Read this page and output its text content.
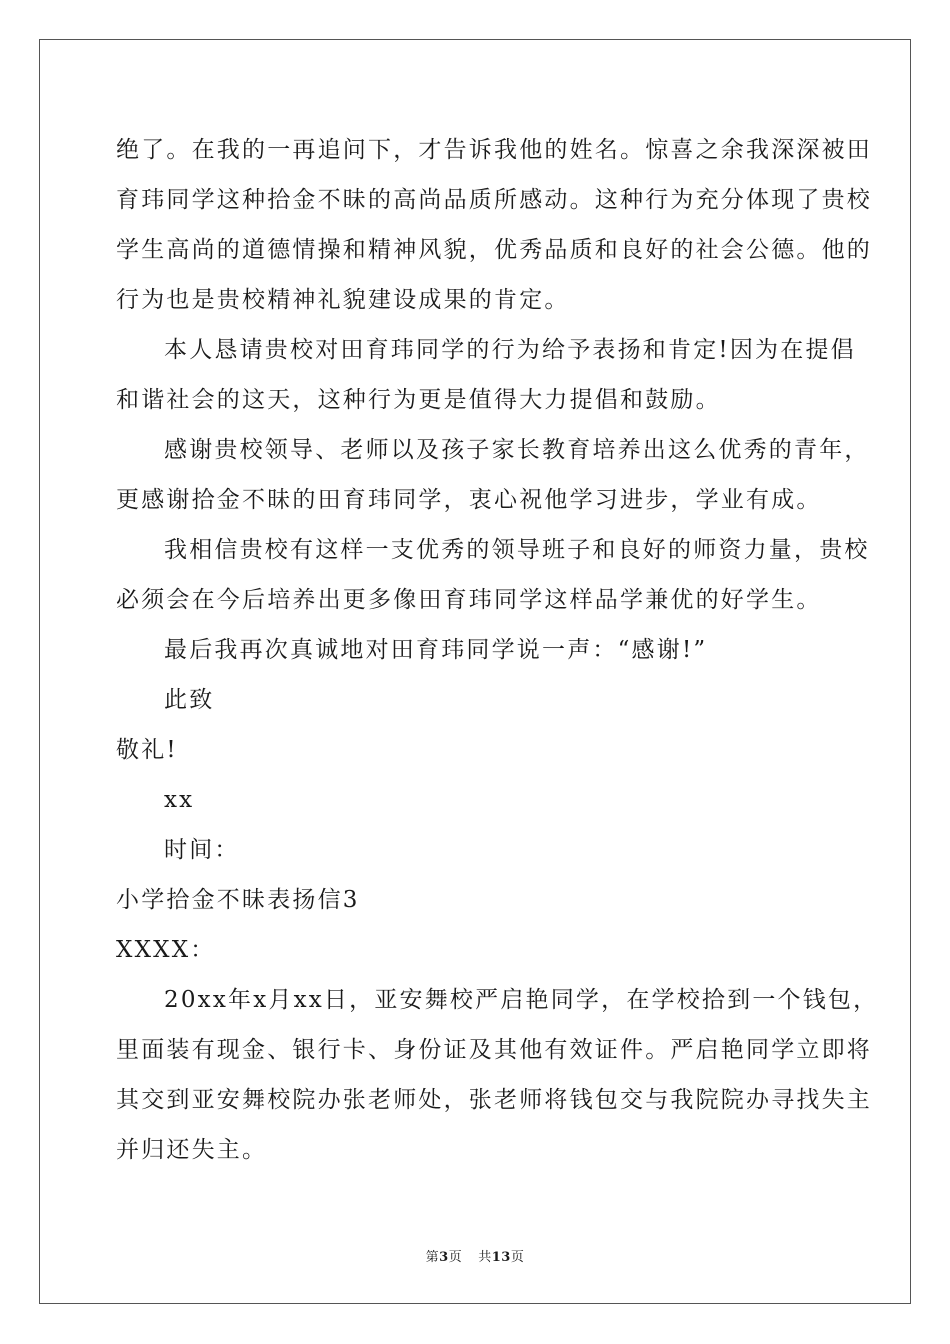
绝了。在我的一再追问下，才告诉我他的姓名。惊喜之余我深深被田
育玮同学这种拾金不昧的高尚品质所感动。这种行为充分体现了贵校
学生高尚的道德情操和精神风貌，优秀品质和良好的社会公德。他的
行为也是贵校精神礼貌建设成果的肯定。

本人恳请贵校对田育玮同学的行为给予表扬和肯定!因为在提倡
和谐社会的这天，这种行为更是值得大力提倡和鼓励。

感谢贵校领导、老师以及孩子家长教育培养出这么优秀的青年，
更感谢拾金不昧的田育玮同学，衷心祝他学习进步，学业有成。

我相信贵校有这样一支优秀的领导班子和良好的师资力量，贵校
必须会在今后培养出更多像田育玮同学这样品学兼优的好学生。

最后我再次真诚地对田育玮同学说一声：“感谢!”

此致

敬礼!

xx

时间：

小学拾金不昧表扬信3

XXXX：

20xx年x月xx日，亚安舞校严启艳同学，在学校拾到一个钱包，
里面装有现金、银行卡、身份证及其他有效证件。严启艳同学立即将
其交到亚安舞校院办张老师处，张老师将钱包交与我院院办寻找失主
并归还失主。

第3页 共13页
